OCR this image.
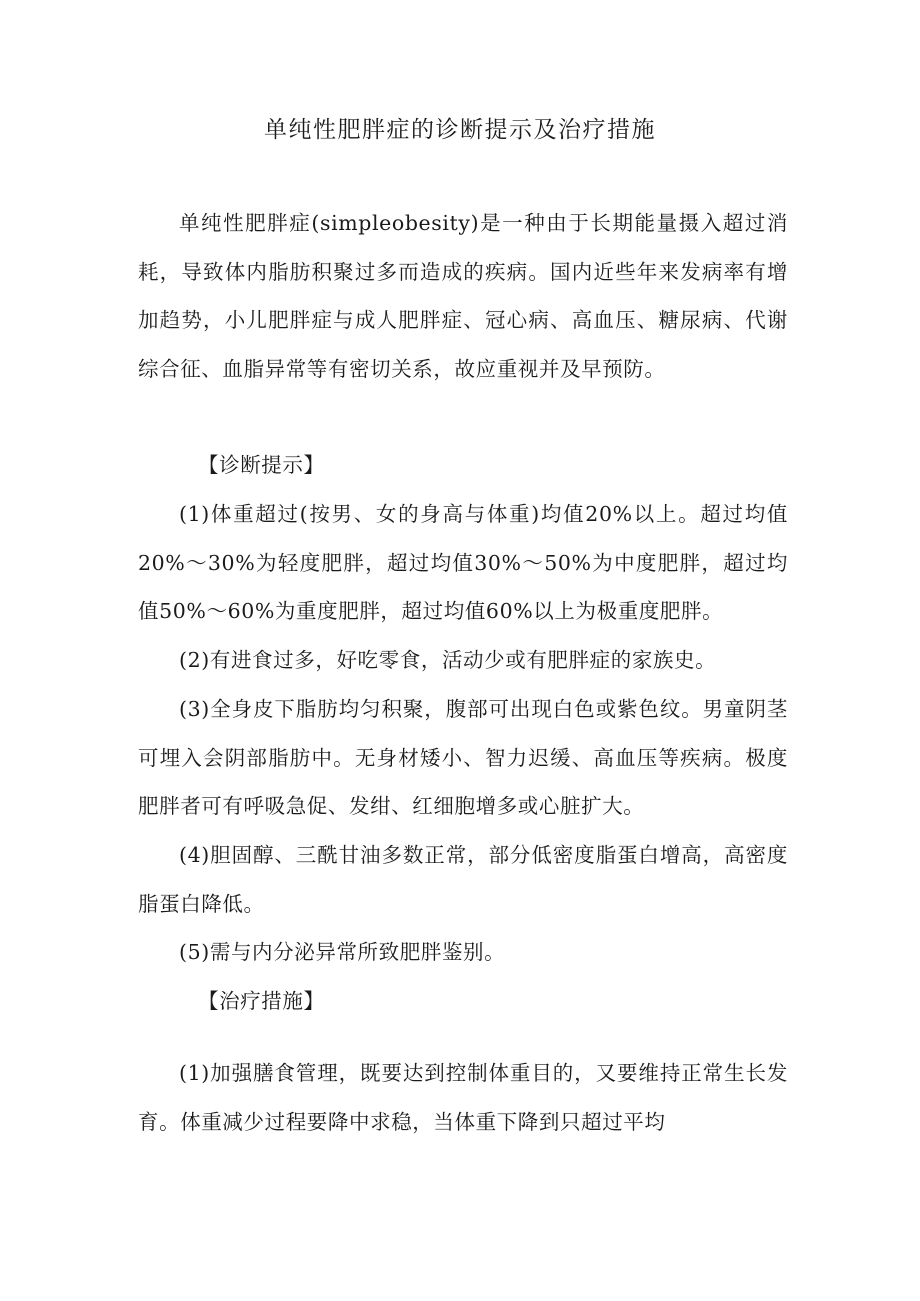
单纯性肥胖症的诊断提示及治疗措施

单纯性肥胖症(simpleobesity)是一种由于长期能量摄入超过消耗，导致体内脂肪积聚过多而造成的疾病。国内近些年来发病率有增加趋势，小儿肥胖症与成人肥胖症、冠心病、高血压、糖尿病、代谢综合征、血脂异常等有密切关系，故应重视并及早预防。

【诊断提示】

(1)体重超过(按男、女的身高与体重)均值20%以上。超过均值20%～30%为轻度肥胖，超过均值30%～50%为中度肥胖，超过均值50%～60%为重度肥胖，超过均值60%以上为极重度肥胖。

(2)有进食过多，好吃零食，活动少或有肥胖症的家族史。

(3)全身皮下脂肪均匀积聚，腹部可出现白色或紫色纹。男童阴茎可埋入会阴部脂肪中。无身材矮小、智力迟缓、高血压等疾病。极度肥胖者可有呼吸急促、发绀、红细胞增多或心脏扩大。

(4)胆固醇、三酰甘油多数正常，部分低密度脂蛋白增高，高密度脂蛋白降低。

(5)需与内分泌异常所致肥胖鉴别。

【治疗措施】

(1)加强膳食管理，既要达到控制体重目的，又要维持正常生长发育。体重减少过程要降中求稳，当体重下降到只超过平均
